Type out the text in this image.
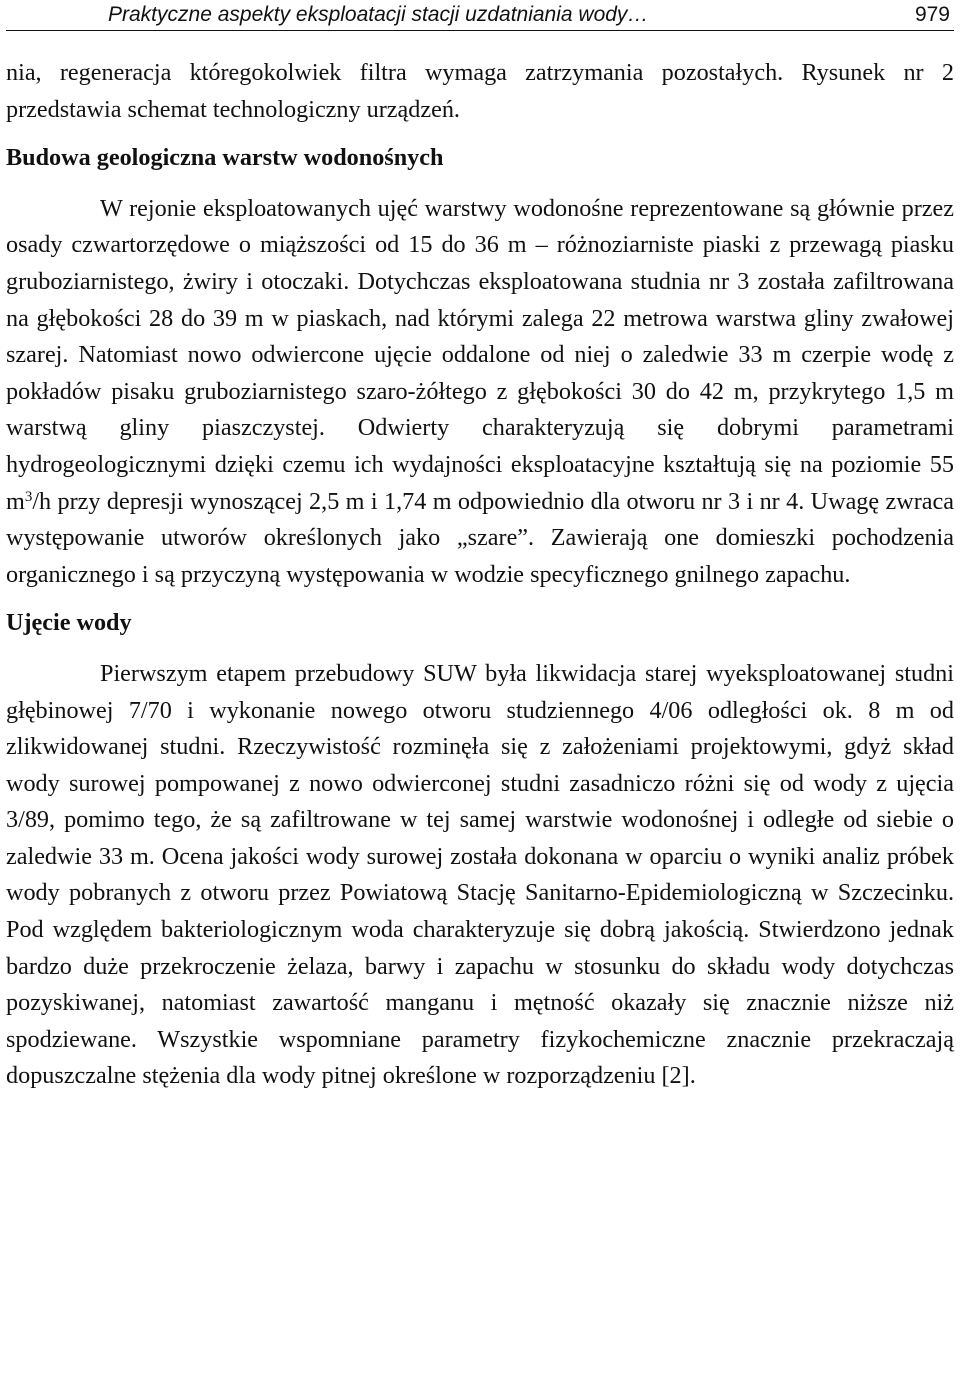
Praktyczne aspekty eksploatacji stacji uzdatniania wody…	979

nia, regeneracja któregokolwiek filtra wymaga zatrzymania pozostałych. Rysunek nr 2 przedstawia schemat technologiczny urządzeń.

Budowa geologiczna warstw wodonośnych

W rejonie eksploatowanych ujęć warstwy wodonośne reprezentowane są głównie przez osady czwartorzędowe o miąższości od 15 do 36 m – różnoziarniste piaski z przewagą piasku gruboziarnistego, żwiry i otoczaki. Dotychczas eksploatowana studnia nr 3 została zafiltrowana na głębokości 28 do 39 m w piaskach, nad którymi zalega 22 metrowa warstwa gliny zwałowej szarej. Natomiast nowo odwiercone ujęcie oddalone od niej o zaledwie 33 m czerpie wodę z pokładów pisaku gruboziarnistego szaro-żółtego z głębokości 30 do 42 m, przykrytego 1,5 m warstwą gliny piaszczystej. Odwierty charakteryzują się dobrymi parametrami hydrogeologicznymi dzięki czemu ich wydajności eksploatacyjne kształtują się na poziomie 55 $m^3/h$ przy depresji wynoszącej 2,5 m i 1,74 m odpowiednio dla otworu nr 3 i nr 4. Uwagę zwraca występowanie utworów określonych jako „szare”. Zawierają one domieszki pochodzenia organicznego i są przyczyną występowania w wodzie specyficznego gnilnego zapachu.

Ujęcie wody

Pierwszym etapem przebudowy SUW była likwidacja starej wyeksploatowanej studni głębinowej 7/70 i wykonanie nowego otworu studziennego 4/06 odległości ok. 8 m od zlikwidowanej studni. Rzeczywistość rozminęła się z założeniami projektowymi, gdyż skład wody surowej pompowanej z nowo odwierconej studni zasadniczo różni się od wody z ujęcia 3/89, pomimo tego, że są zafiltrowane w tej samej warstwie wodonośnej i odległe od siebie o zaledwie 33 m. Ocena jakości wody surowej została dokonana w oparciu o wyniki analiz próbek wody pobranych z otworu przez Powiatową Stację Sanitarno-Epidemiologiczną w Szczecinku. Pod względem bakteriologicznym woda charakteryzuje się dobrą jakością. Stwierdzono jednak bardzo duże przekroczenie żelaza, barwy i zapachu w stosunku do składu wody dotychczas pozyskiwanej, natomiast zawartość manganu i mętność okazały się znacznie niższe niż spodziewane. Wszystkie wspomniane parametry fizykochemiczne znacznie przekraczają dopuszczalne stężenia dla wody pitnej określone w rozporządzeniu [2].
